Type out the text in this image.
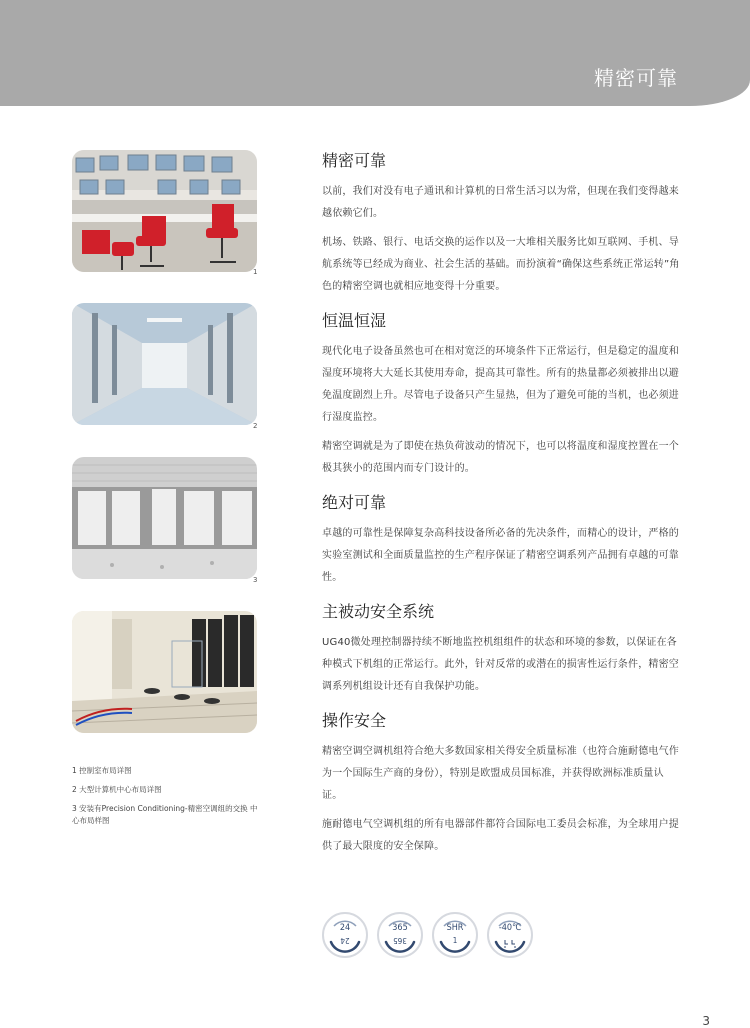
精密可靠
1
2
3

1 控制室布局详图

2 大型计算机中心布局详图

3 安装有Precision Conditioning-精密空调组的交换 中心布局样图

精密可靠

以前，我们对没有电子通讯和计算机的日常生活习以为常，但现在我们变得越来越依赖它们。

机场、铁路、银行、电话交换的运作以及一大堆相关服务比如互联网、手机、导航系统等已经成为商业、社会生活的基础。而扮演着“确保这些系统正常运转”角色的精密空调也就相应地变得十分重要。

恒温恒湿

现代化电子设备虽然也可在相对宽泛的环境条件下正常运行，但是稳定的温度和湿度环境将大大延长其使用寿命，提高其可靠性。所有的热量都必须被排出以避免温度剧烈上升。尽管电子设备只产生显热，但为了避免可能的当机，也必须进行湿度监控。

精密空调就是为了即使在热负荷波动的情况下，也可以将温度和湿度控置在一个极其狭小的范围内而专门设计的。

绝对可靠

卓越的可靠性是保障复杂高科技设备所必备的先决条件，而精心的设计，严格的实验室测试和全面质量监控的生产程序保证了精密空调系列产品拥有卓越的可靠性。

主被动安全系统

UG40微处理控制器持续不断地监控机组组件的状态和环境的参数，以保证在各种模式下机组的正常运行。此外，针对反常的或潜在的损害性运行条件，精密空调系列机组设计还有自我保护功能。

操作安全

精密空调空调机组符合绝大多数国家相关得安全质量标准（也符合施耐德电气作为一个国际生产商的身份），特别是欧盟成员国标准，并获得欧洲标准质量认证。

施耐德电气空调机组的所有电器部件都符合国际电工委员会标准，为全球用户提供了最大限度的安全保障。

24
24
365
365
SHR
1
-40℃
3
